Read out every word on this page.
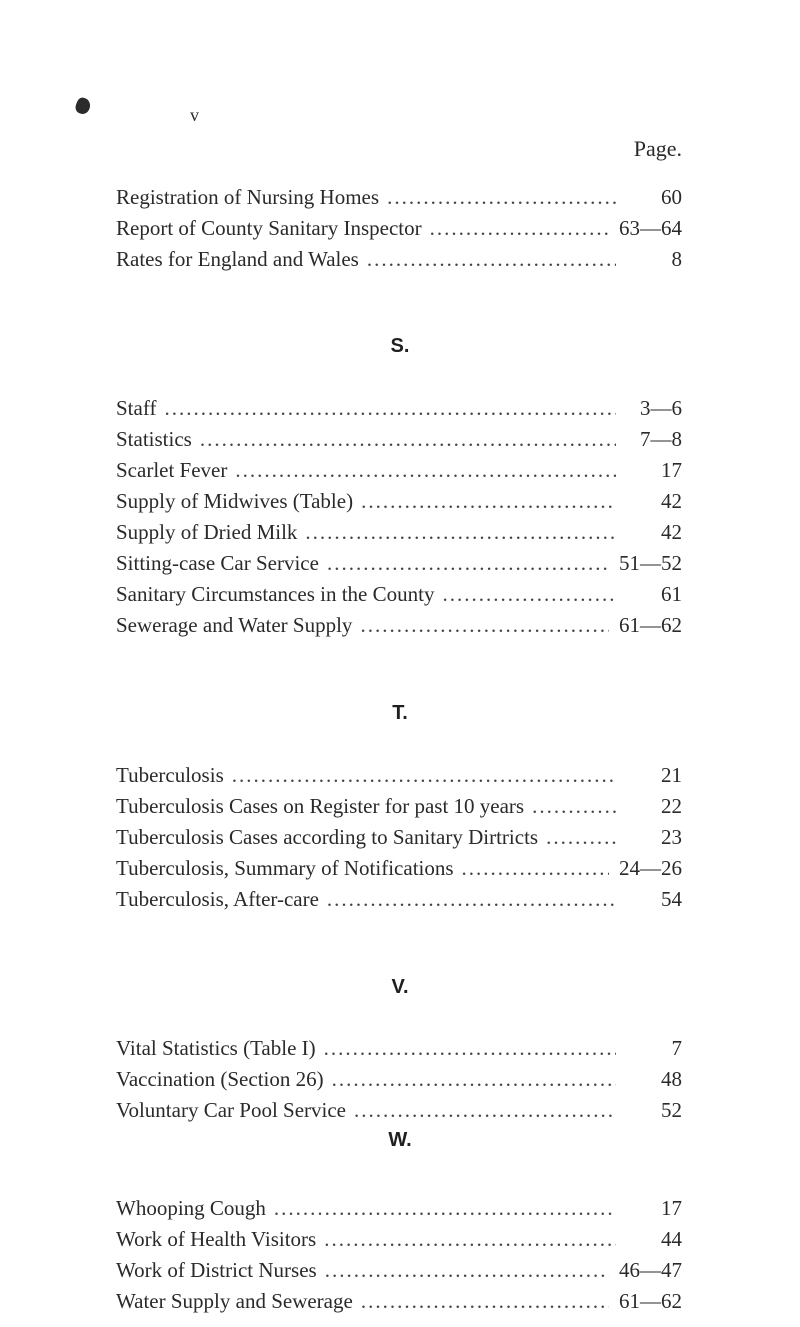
v
Page.
Registration of Nursing Homes .....	60
Report of County Sanitary Inspector .....	63—64
Rates for England and Wales .....	8
S.
Staff .....	3—6
Statistics .....	7—8
Scarlet Fever .....	17
Supply of Midwives (Table) .....	42
Supply of Dried Milk .....	42
Sitting-case Car Service .....	51—52
Sanitary Circumstances in the County .....	61
Sewerage and Water Supply .....	61—62
T.
Tuberculosis .....	21
Tuberculosis Cases on Register for past 10 years .....	22
Tuberculosis Cases according to Sanitary Dirtricts .....	23
Tuberculosis, Summary of Notifications .....	24—26
Tuberculosis, After-care .....	54
V.
Vital Statistics (Table I) .....	7
Vaccination (Section 26) .....	48
Voluntary Car Pool Service .....	52
W.
Whooping Cough .....	17
Work of Health Visitors .....	44
Work of District Nurses .....	46—47
Water Supply and Sewerage .....	61—62
